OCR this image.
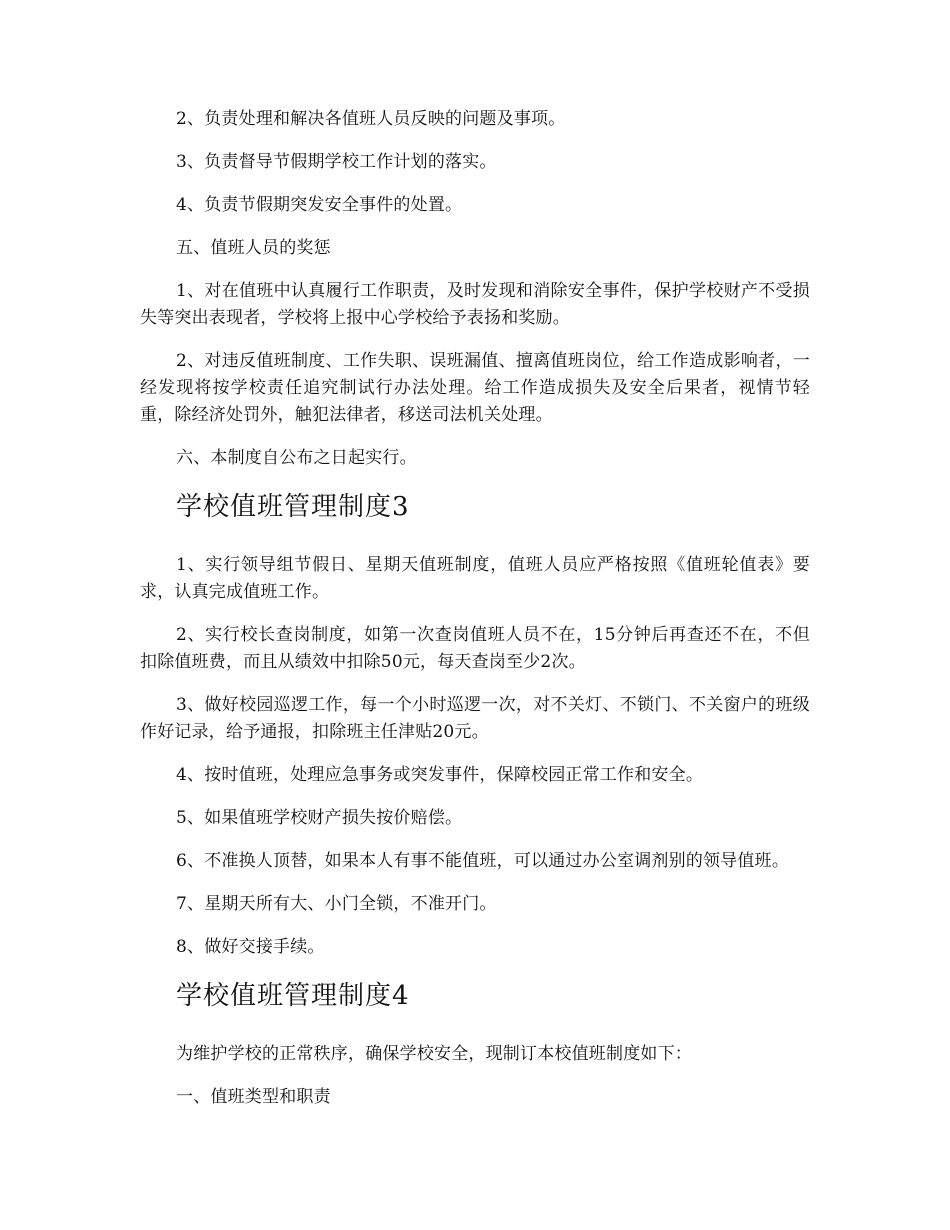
2、负责处理和解决各值班人员反映的问题及事项。

3、负责督导节假期学校工作计划的落实。

4、负责节假期突发安全事件的处置。

五、值班人员的奖惩

1、对在值班中认真履行工作职责，及时发现和消除安全事件，保护学校财产不受损失等突出表现者，学校将上报中心学校给予表扬和奖励。

2、对违反值班制度、工作失职、误班漏值、擅离值班岗位，给工作造成影响者，一经发现将按学校责任追究制试行办法处理。给工作造成损失及安全后果者，视情节轻重，除经济处罚外，触犯法律者，移送司法机关处理。

六、本制度自公布之日起实行。

学校值班管理制度3

1、实行领导组节假日、星期天值班制度，值班人员应严格按照《值班轮值表》要求，认真完成值班工作。

2、实行校长查岗制度，如第一次查岗值班人员不在，15分钟后再查还不在，不但扣除值班费，而且从绩效中扣除50元，每天查岗至少2次。

3、做好校园巡逻工作，每一个小时巡逻一次，对不关灯、不锁门、不关窗户的班级作好记录，给予通报，扣除班主任津贴20元。

4、按时值班，处理应急事务或突发事件，保障校园正常工作和安全。

5、如果值班学校财产损失按价赔偿。

6、不准换人顶替，如果本人有事不能值班，可以通过办公室调剂别的领导值班。

7、星期天所有大、小门全锁，不准开门。

8、做好交接手续。

学校值班管理制度4

为维护学校的正常秩序，确保学校安全，现制订本校值班制度如下：

一、值班类型和职责
